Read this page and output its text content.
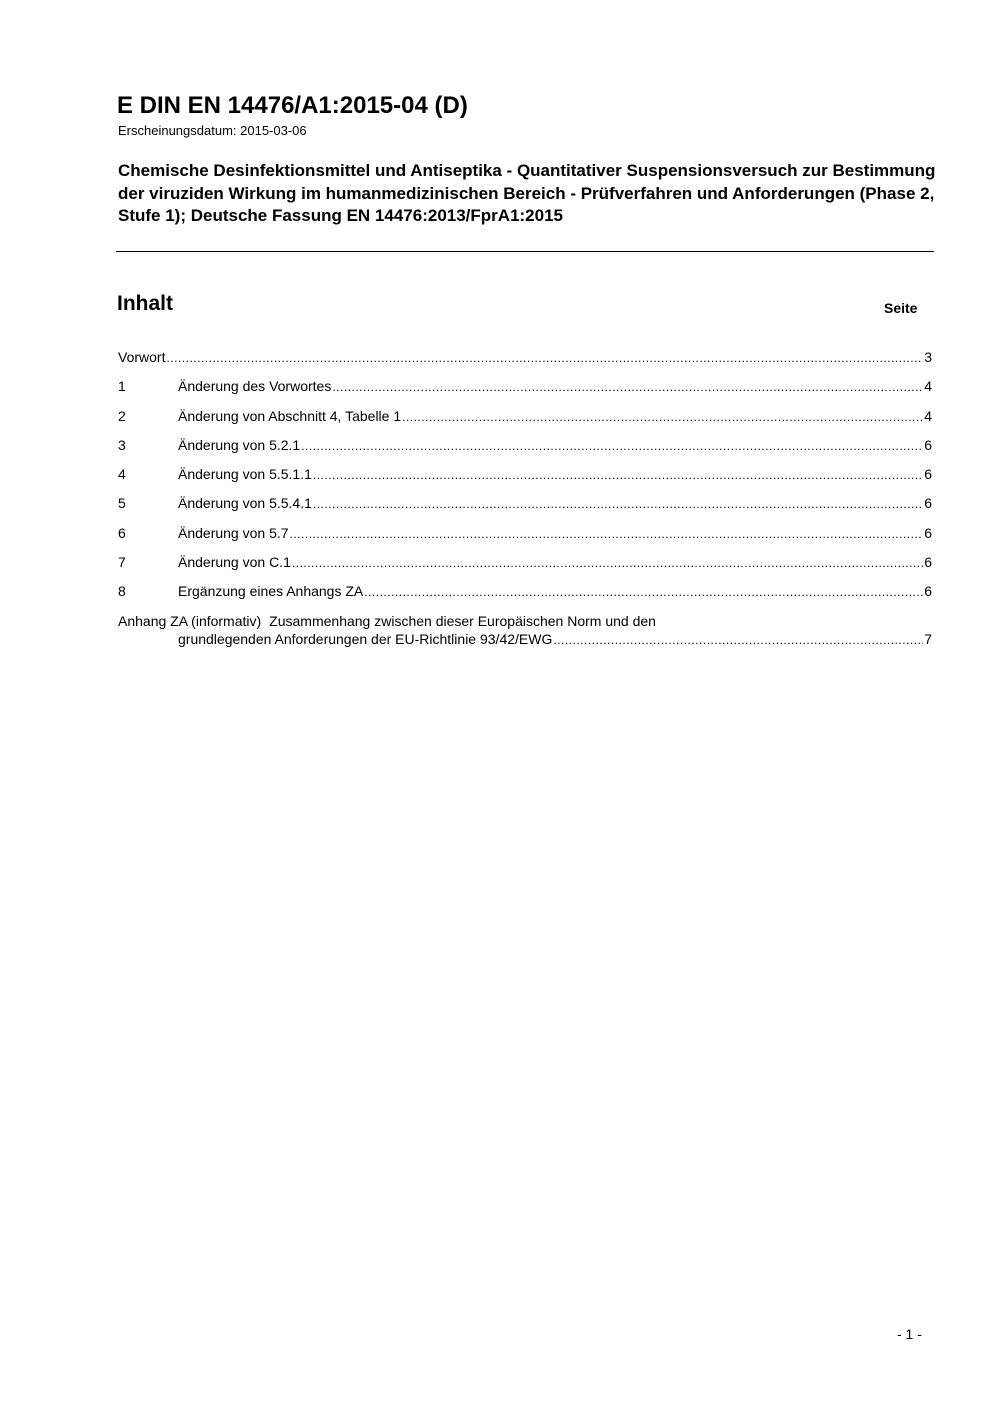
E DIN EN 14476/A1:2015-04 (D)
Erscheinungsdatum: 2015-03-06
Chemische Desinfektionsmittel und Antiseptika - Quantitativer Suspensionsversuch zur Bestimmung der viruziden Wirkung im humanmedizinischen Bereich - Prüfverfahren und Anforderungen (Phase 2, Stufe 1); Deutsche Fassung EN 14476:2013/FprA1:2015
Inhalt	Seite
Vorwort .....	3
1	Änderung des Vorwortes .....	4
2	Änderung von Abschnitt 4, Tabelle 1 .....	4
3	Änderung von 5.2.1 .....	6
4	Änderung von 5.5.1.1 .....	6
5	Änderung von 5.5.4.1 .....	6
6	Änderung von 5.7 .....	6
7	Änderung von C.1 .....	6
8	Ergänzung eines Anhangs ZA .....	6
Anhang ZA (informativ) Zusammenhang zwischen dieser Europäischen Norm und den
grundlegenden Anforderungen der EU-Richtlinie 93/42/EWG .....	7
- 1 -
